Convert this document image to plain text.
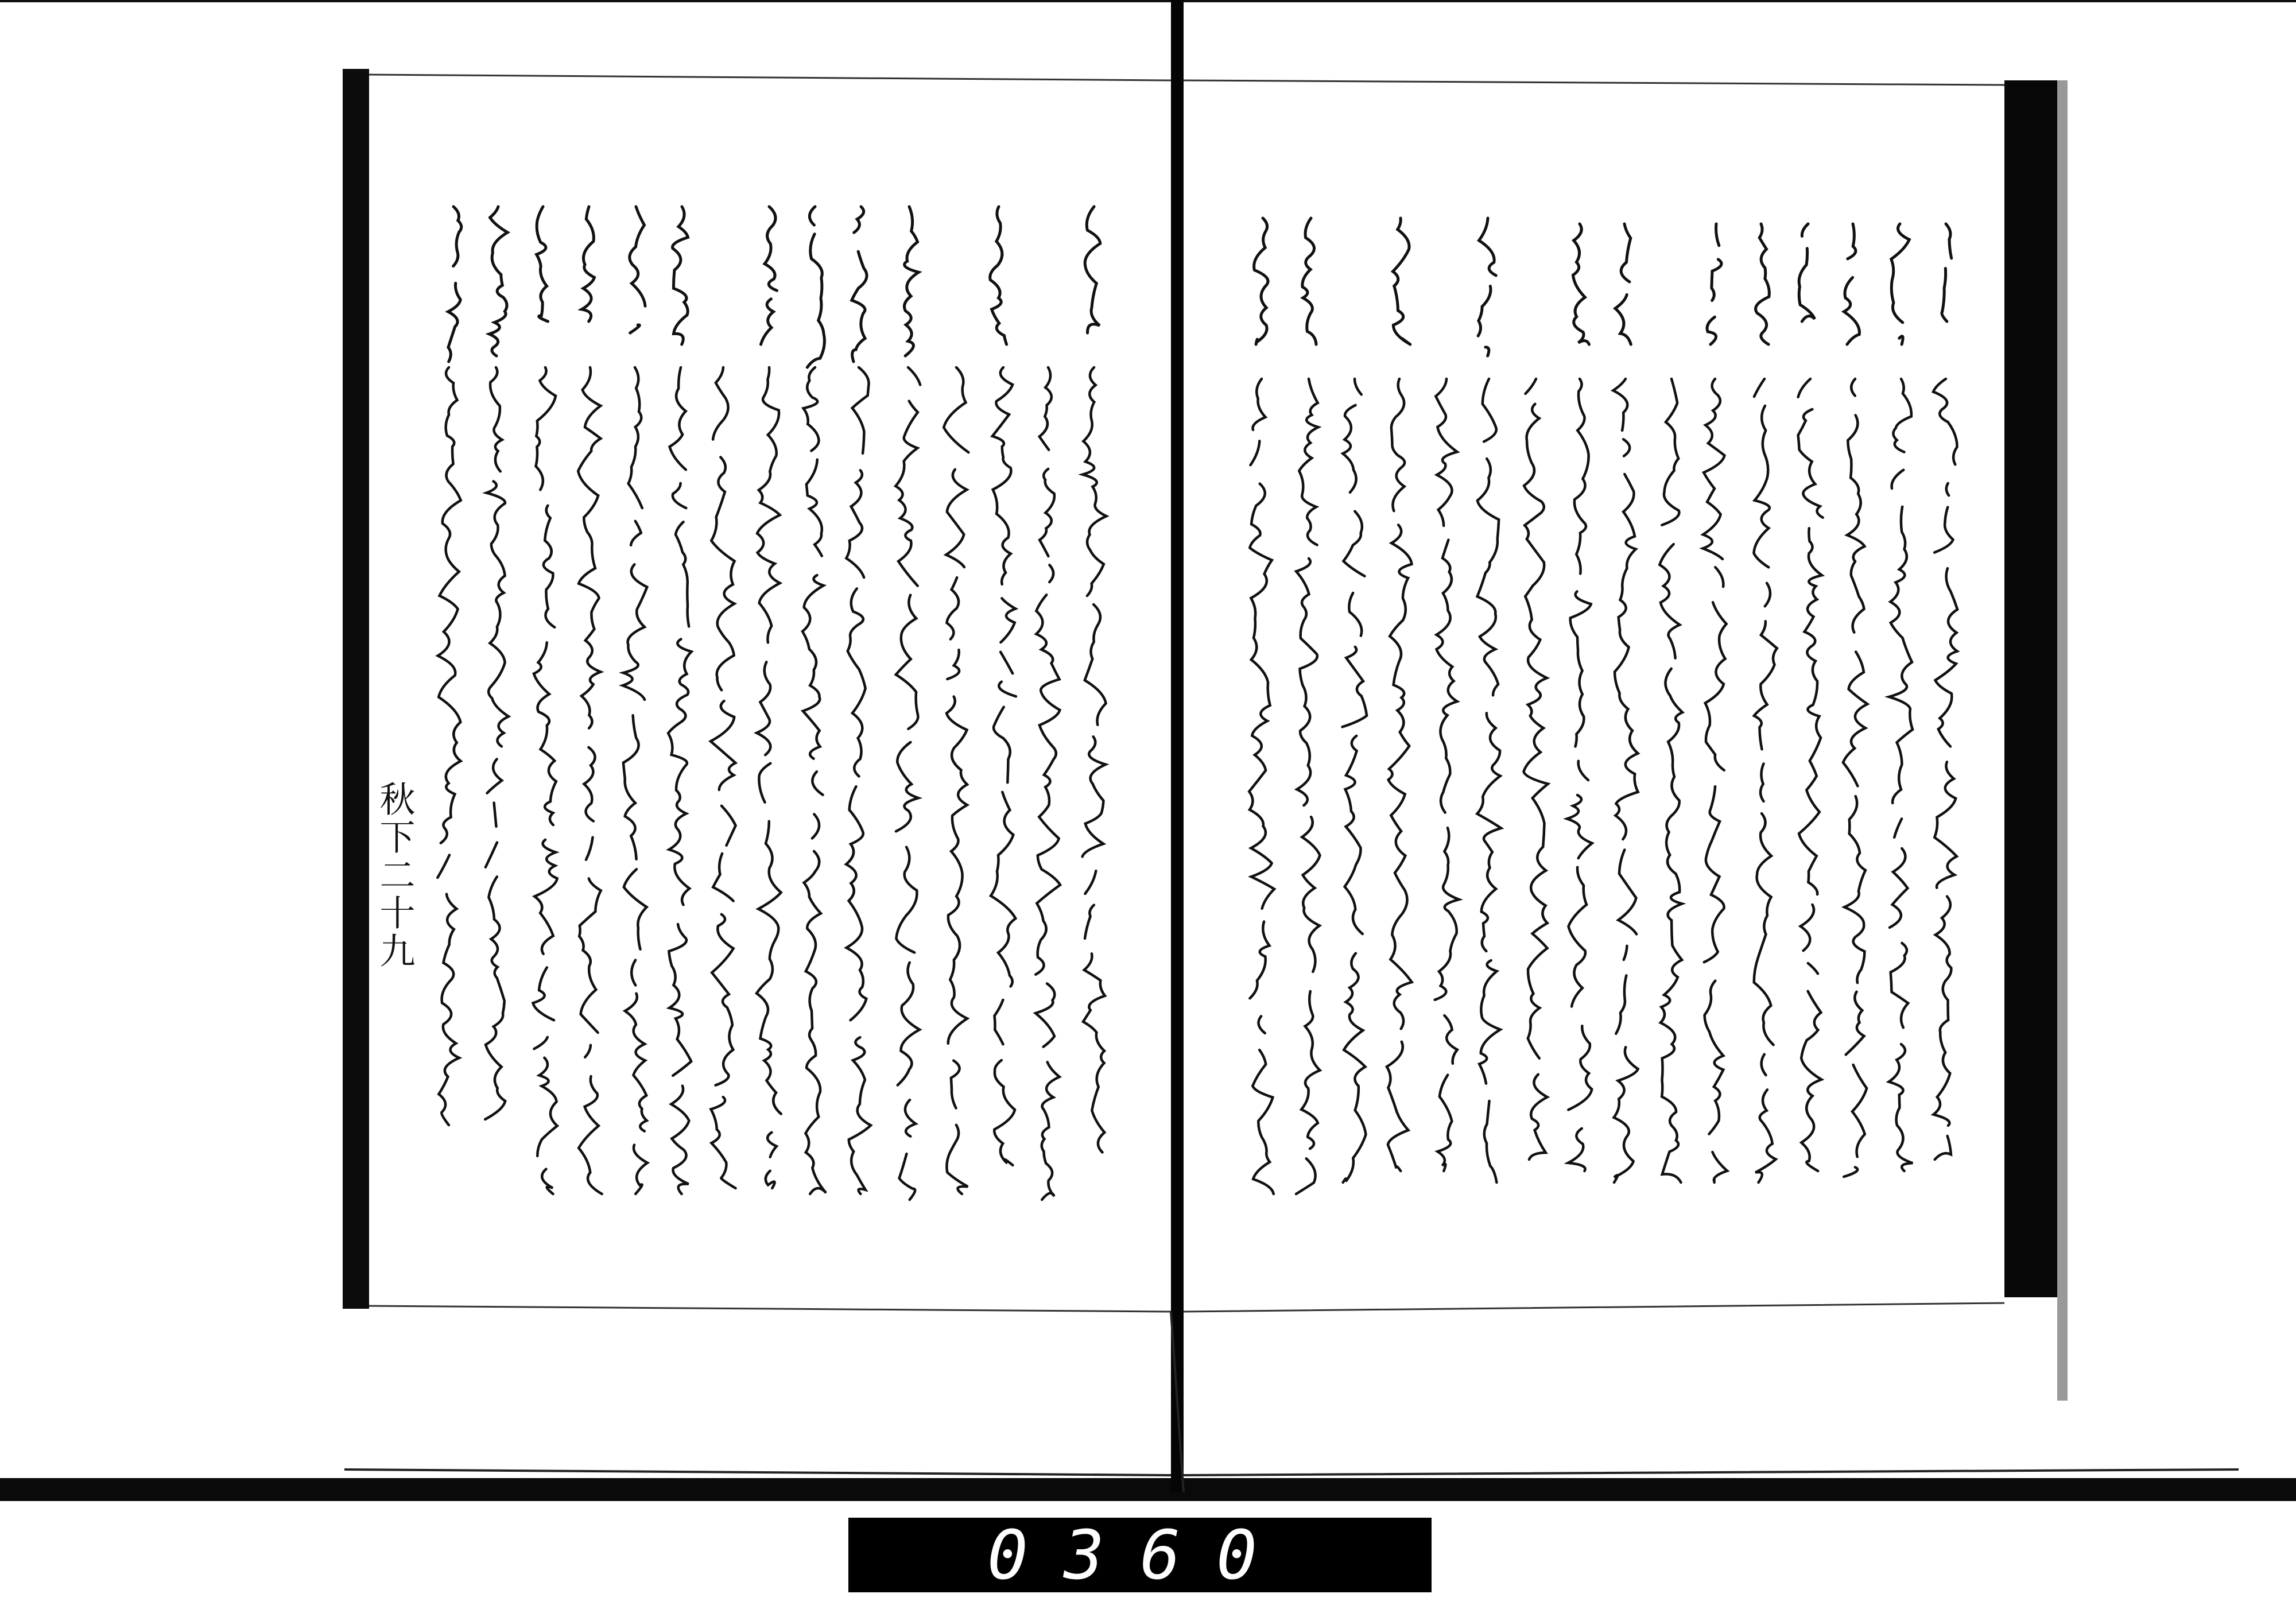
秋下二十九
0360
